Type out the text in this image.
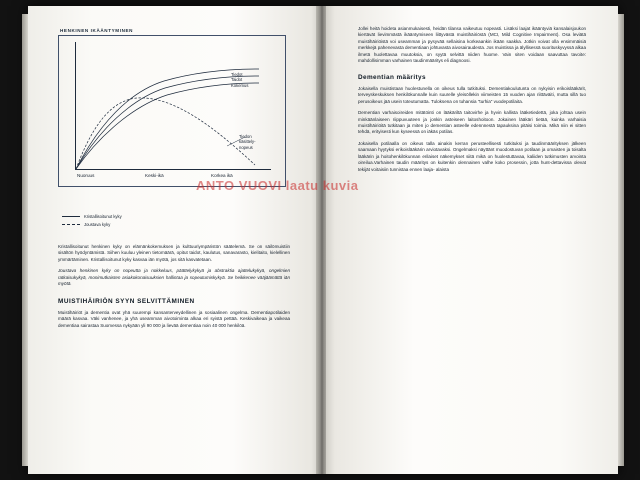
HENKINEN IKÄÄNTYMINEN
Tiedot
Taidot
Kokemus
Tiedon
käsittely-
nopeus
Nuoruus	Keski-ikä	Korkea ikä
Kristallisoitunut kyky
Joustava kyky

Kristallisoitunut henkinen kyky on elämänkokemuksen ja kulttuuriympäristön säätelemä. Se on säilömuistiin sisältön hyödyntämistä. Siihen kuuluu yleinen tietomäärä, opitut taidot, kaulutus, sanavarasto, kielitaito, kielellinen ymmärtäminen. Kristallisoitunut kyky kasvaa iän myötä, jos sitä kasvatetaan.

Joustava henkinen kyky on nopeutta ja nokkeluus, päättelykykyä ja abstraktia ajattelukykyä, ongelmien ratkaisukykyä, monimutkaisten asiakokonaisuuksien hallintaa ja sopeutumiskykyä. Se heikkenee vääjäämättä iän myötä.

MUISTIHÄIRIÖN SYYN SELVITTÄMINEN

Muistihäiriöt ja dementia ovat yhä suurempi kansanterveydellinen ja sosiaalinen ongelma. Dementiapotilaiden määrä kasvaa. Väki vanhenee, ja yhä useamman aivotoiminta alkaa eri syistä pettää. Keskivaikeaa ja vaikeaa dementiaa sairastaa Suomessa nykyään yli 90 000 ja lievää dementiaa noin 40 000 henkilöä.

Jollei heitä hoideta asianmukaisesti, heidän tilansa vaikeutuu nopeasti. Lisäksi laajat ikääntyviä kansalaisjoukon kiertävät lievimmästä ikääntymiseen liittyvästä muistihäiriöstä (MCI, Mild Cognitive Impairment). Osa leviätä muistihäiriöistä voi useamman ja pysyvää sellaisina korkeaankin ikään saakka. Jotkin voivat olla ensimmäisiä merkkejä pahenevasta dementiaan johtuvasta aivosairaudesta. Jos muistissa ja älyllisessä suorituskyvyssä alkaa ilmetä huolettavaa muutoksia, on syytä selvittä niiden huome. Vain siten voidaan saavuttaa tavoite: mahdollisimman varhainen taudinmääritys eli diagnoosi.

Dementian määritys

Jokaisella muististaan huolestunella on oikeus tulla tutkituksi. Dementiakoulutunta on nykyisin erikoislääkärit, terveyskeskuksen henkilökunnalle kuin suurelle yleisöllekin viimeisten 15 vuoden ajan riittäväiti, mutta sillä tuo perusoikeus jää usein toteutumatta. Tuloksena on tuhansia "turhia" vuodepotilaita.

Dementian varhaisoireiden mitätöinti on lääkäriltä taitovirhe ja hyvin kallista lääketiedettä, joka johtaa usein minkäänlaiseen riippuvuuteen ja jonkin asteiseen laitoshoitoon. Jokainen lääkäri tietää, kuinka varhaisia muistihäiriöitä tutkitaan ja miten jo dementian asteelle edennnestä tapauksina pitäisi toimia. Mikä niin ei sitten tehdä, erityisesti kun kyseessä on iäkäs potilas.

Jokaisella potilaalla on oikeus talla ainakin kerran perusteellisesti tutkituksi ja taudinmäärityksen jälkeen saamaan hyytyksi erikoislääkärin arviotavaksi. Ongelmaksi näyttänt muodostuvan potilaan ja omaisten ja toisalta lääkärin ja hoitohenkilökunnan erilaiset näkemykset siitä mikä on huolestuttavaa, kaliiden tutkimusten arvointa oireilua.Varhainen taudin määritys on kuitenkin olennainen valhe koko prosessin, jotta hunt-dettavissa olevat tekijät voitaisiin tunnistaa ennen laaja- alaista

ANTO VUOVI laatu kuvia
